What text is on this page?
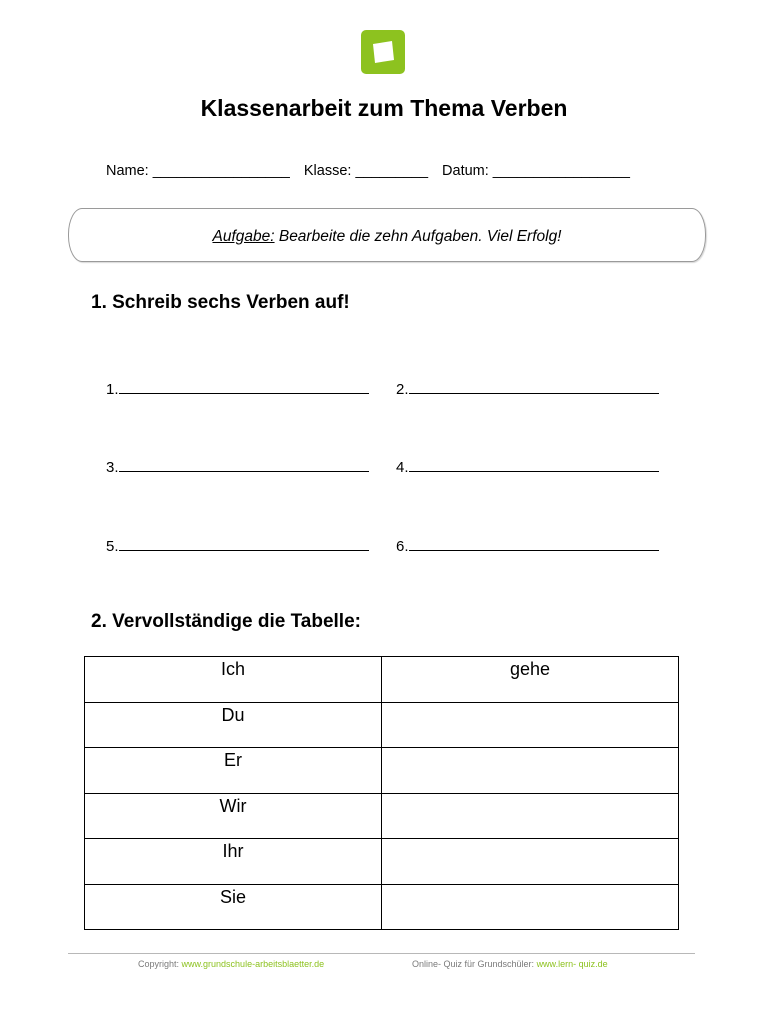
Klassenarbeit zum Thema Verben
Name: _________________ Klasse: _________ Datum: _________________
Aufgabe: Bearbeite die zehn Aufgaben. Viel Erfolg!
1. Schreib sechs Verben auf!
1.	2.
3.	4.
5.	6.
2. Vervollständige die Tabelle:
Ich	gehe
Du	
Er	
Wir	
Ihr	
Sie	
Copyright: www.grundschule-arbeitsblaetter.de	Online- Quiz für Grundschüler: www.lern- quiz.de
